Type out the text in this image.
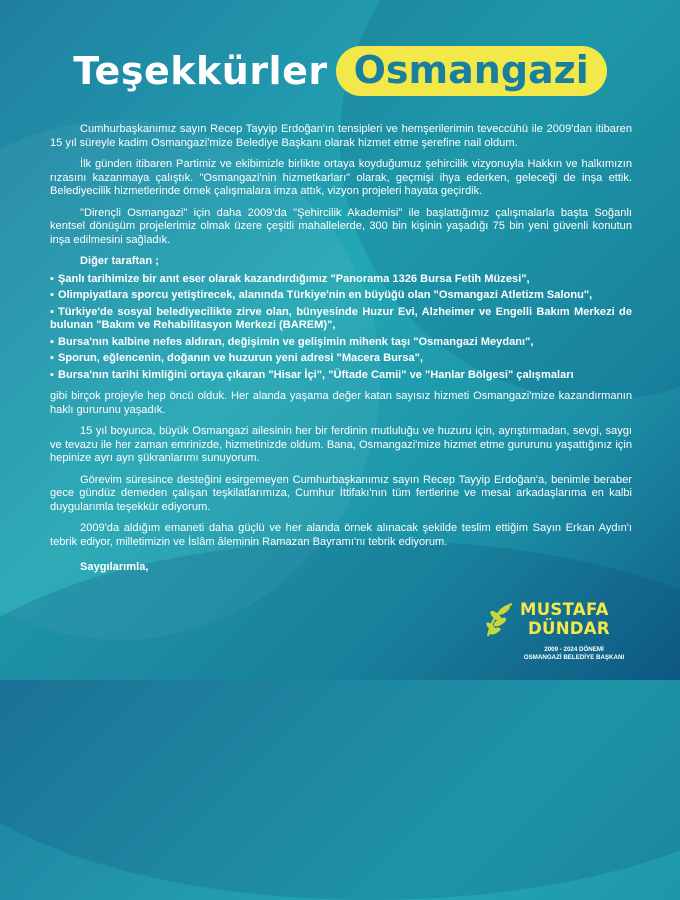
Teşekkürler Osmangazi

Cumhurbaşkanımız sayın Recep Tayyip Erdoğan'ın tensipleri ve hemşerilerimin teveccühü ile 2009'dan itibaren 15 yıl süreyle kadim Osmangazi'mize Belediye Başkanı olarak hizmet etme şerefine nail oldum.

İlk günden itibaren Partimiz ve ekibimizle birlikte ortaya koyduğumuz şehircilik vizyonuyla Hakkın ve halkımızın rızasını kazanmaya çalıştık. "Osmangazi'nin hizmetkarları" olarak, geçmişi ihya ederken, geleceği de inşa ettik. Belediyecilik hizmetlerinde örnek çalışmalara imza attık, vizyon projeleri hayata geçirdik.

"Dirençli Osmangazi" için daha 2009'da "Şehircilik Akademisi" ile başlattığımız çalışmalarla başta Soğanlı kentsel dönüşüm projelerimiz olmak üzere çeşitli mahallelerde, 300 bin kişinin yaşadığı 75 bin yeni güvenli konutun inşa edilmesini sağladık.

Diğer taraftan ;
▪ Şanlı tarihimize bir anıt eser olarak kazandırdığımız "Panorama 1326 Bursa Fetih Müzesi",
▪ Olimpiyatlara sporcu yetiştirecek, alanında Türkiye'nin en büyüğü olan "Osmangazi Atletizm Salonu",
▪ Türkiye'de sosyal belediyecilikte zirve olan, bünyesinde Huzur Evi, Alzheimer ve Engelli Bakım Merkezi de bulunan "Bakım ve Rehabilitasyon Merkezi (BAREM)",
▪ Bursa'nın kalbine nefes aldıran, değişimin ve gelişimin mihenk taşı "Osmangazi Meydanı",
▪ Sporun, eğlencenin, doğanın ve huzurun yeni adresi "Macera Bursa",
▪ Bursa'nın tarihi kimliğini ortaya çıkaran "Hisar İçi", "Üftade Camii" ve "Hanlar Bölgesi" çalışmaları

gibi birçok projeyle hep öncü olduk. Her alanda yaşama değer katan sayısız hizmeti Osmangazi'mize kazandırmanın haklı gururunu yaşadık.

15 yıl boyunca, büyük Osmangazi ailesinin her bir ferdinin mutluluğu ve huzuru için, ayrıştırmadan, sevgi, saygı ve tevazu ile her zaman emrinizde, hizmetinizde oldum. Bana, Osmangazi'mize hizmet etme gururunu yaşattığınız için hepinize ayrı ayrı şükranlarımı sunuyorum.

Görevim süresince desteğini esirgemeyen Cumhurbaşkanımız sayın Recep Tayyip Erdoğan'a, benimle beraber gece gündüz demeden çalışan teşkilatlarımıza, Cumhur İttifakı'nın tüm fertlerine ve mesai arkadaşlarıma en kalbi duygularımla teşekkür ediyorum.

2009'da aldığım emaneti daha güçlü ve her alanda örnek alınacak şekilde teslim ettiğim Sayın Erkan Aydın'ı tebrik ediyor, milletimizin ve İslâm âleminin Ramazan Bayramı'nı tebrik ediyorum.

Saygılarımla,
MUSTAFA
DÜNDAR
2009 - 2024 DÖNEMİ
OSMANGAZİ BELEDİYE BAŞKANI
